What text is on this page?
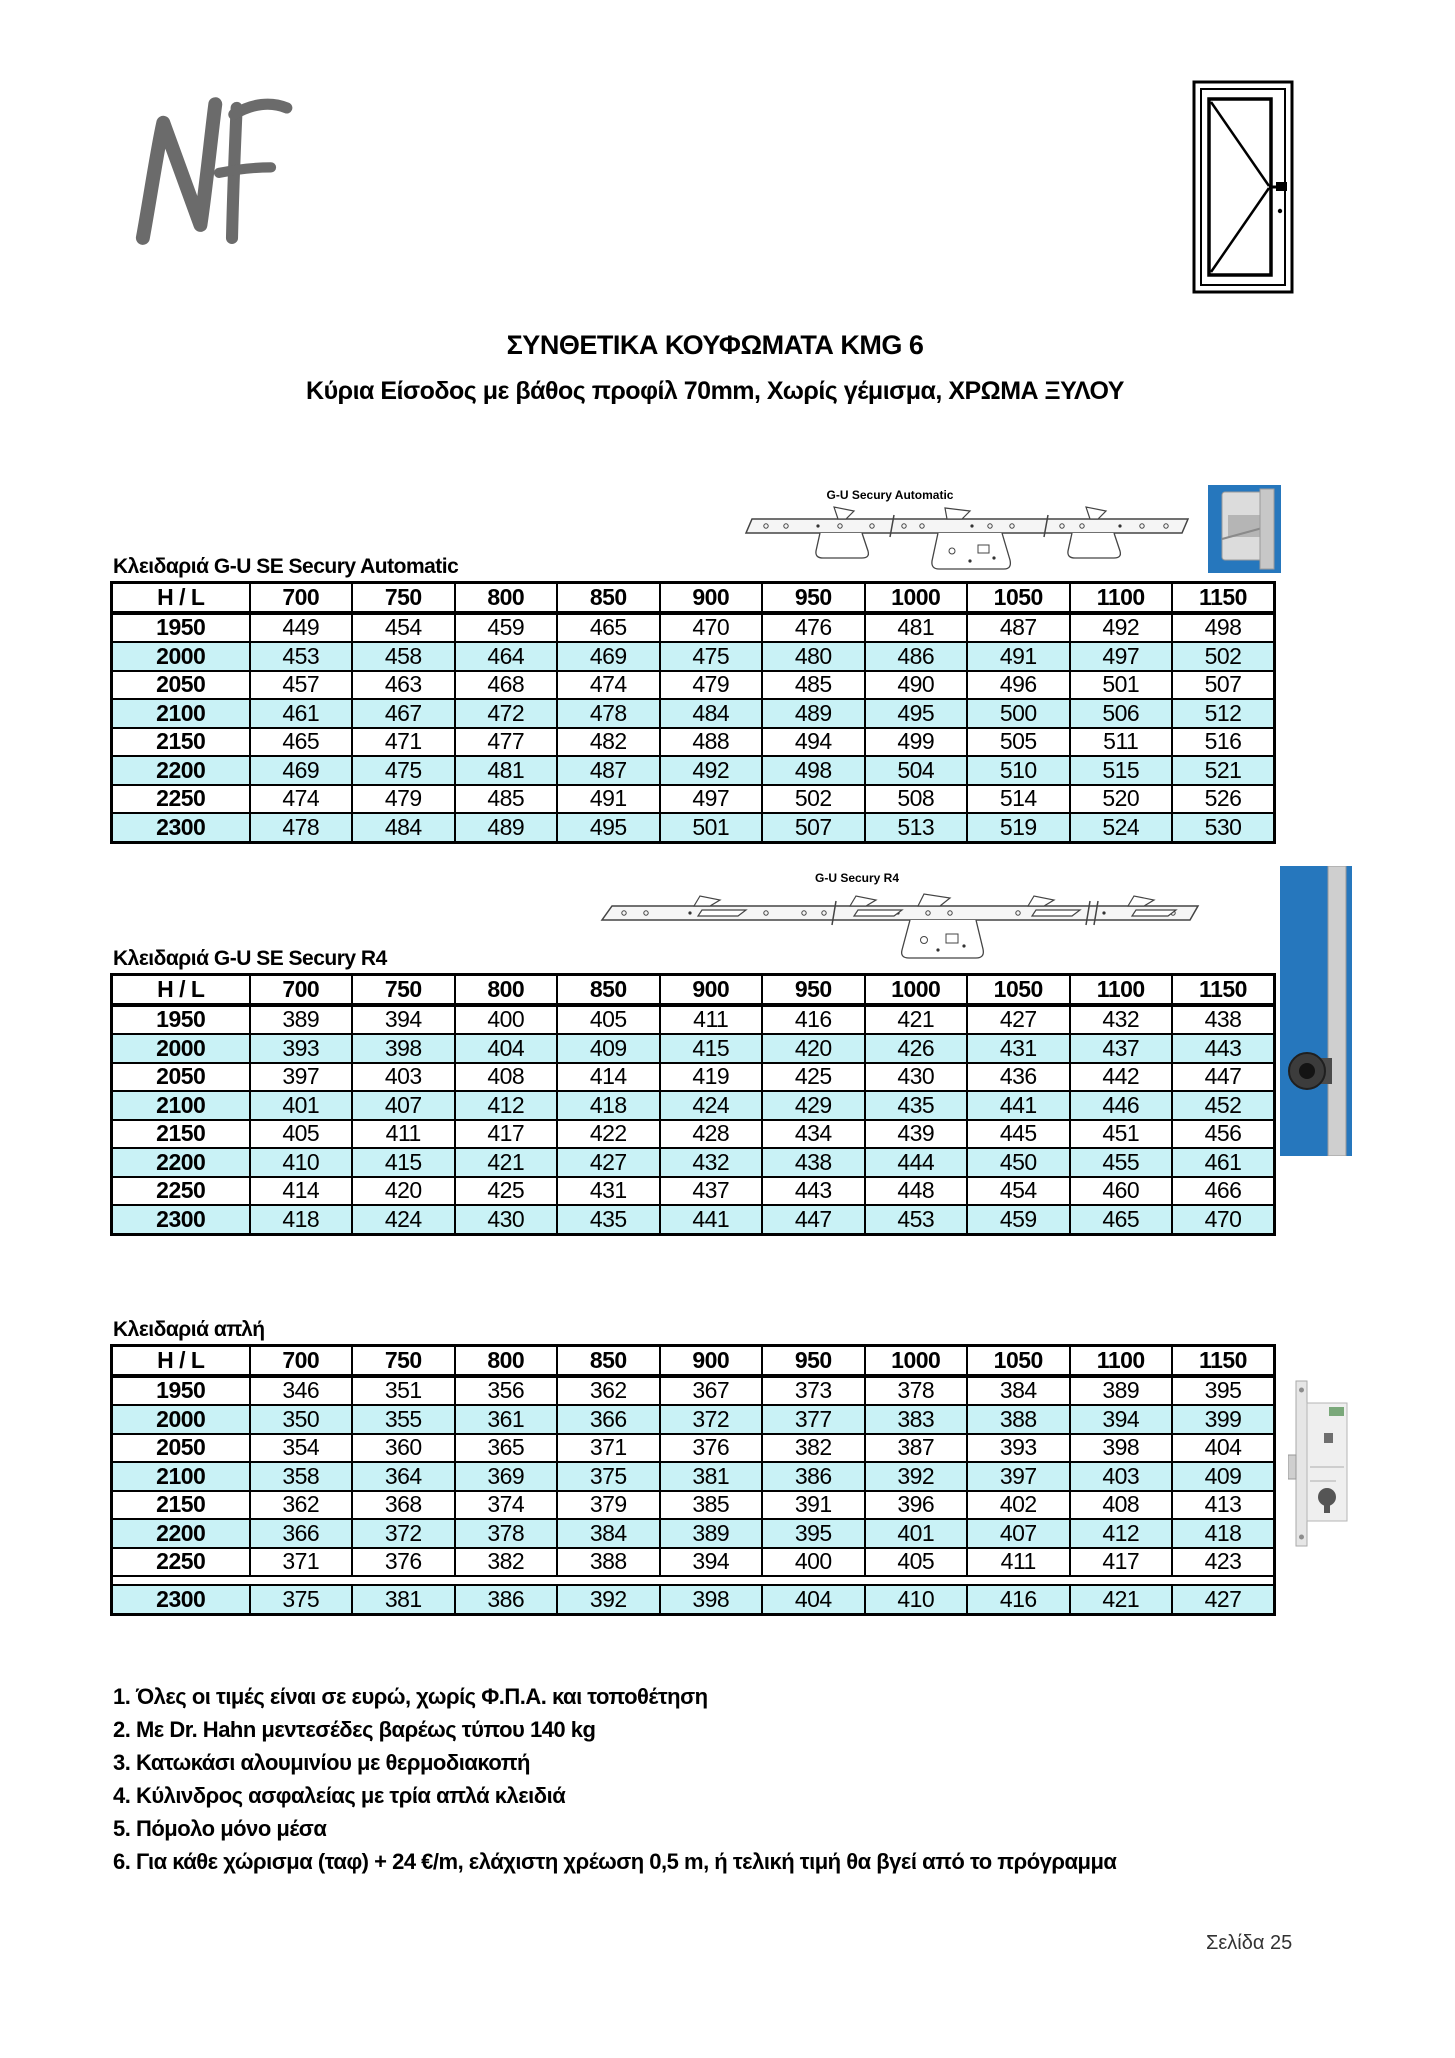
ΣΥΝΘΕΤΙΚΑ ΚΟΥΦΩΜΑΤΑ KMG 6
Κύρια Είσοδος με βάθος προφίλ 70mm, Χωρίς γέμισμα, ΧΡΩΜΑ ΞΥΛΟΥ
G-U Secury Automatic
Κλειδαριά G-U SE Secury Automatic
H / L	700	750	800	850	900	950	1000	1050	1100	1150
1950	449	454	459	465	470	476	481	487	492	498
2000	453	458	464	469	475	480	486	491	497	502
2050	457	463	468	474	479	485	490	496	501	507
2100	461	467	472	478	484	489	495	500	506	512
2150	465	471	477	482	488	494	499	505	511	516
2200	469	475	481	487	492	498	504	510	515	521
2250	474	479	485	491	497	502	508	514	520	526
2300	478	484	489	495	501	507	513	519	524	530
G-U Secury R4
Κλειδαριά G-U SE Secury R4
H / L	700	750	800	850	900	950	1000	1050	1100	1150
1950	389	394	400	405	411	416	421	427	432	438
2000	393	398	404	409	415	420	426	431	437	443
2050	397	403	408	414	419	425	430	436	442	447
2100	401	407	412	418	424	429	435	441	446	452
2150	405	411	417	422	428	434	439	445	451	456
2200	410	415	421	427	432	438	444	450	455	461
2250	414	420	425	431	437	443	448	454	460	466
2300	418	424	430	435	441	447	453	459	465	470
Κλειδαριά απλή
H / L	700	750	800	850	900	950	1000	1050	1100	1150
1950	346	351	356	362	367	373	378	384	389	395
2000	350	355	361	366	372	377	383	388	394	399
2050	354	360	365	371	376	382	387	393	398	404
2100	358	364	369	375	381	386	392	397	403	409
2150	362	368	374	379	385	391	396	402	408	413
2200	366	372	378	384	389	395	401	407	412	418
2250	371	376	382	388	394	400	405	411	417	423

2300	375	381	386	392	398	404	410	416	421	427
1. Όλες οι τιμές είναι σε ευρώ, χωρίς Φ.Π.Α. και τοποθέτηση
2. Με Dr. Hahn μεντεσέδες βαρέως τύπου 140 kg
3. Κατωκάσι αλουμινίου με θερμοδιακοπή
4. Κύλινδρος ασφαλείας με τρία απλά κλειδιά
5. Πόμολο μόνο μέσα
6. Για κάθε χώρισμα (ταφ) + 24 €/m, ελάχιστη χρέωση 0,5 m, ή τελική τιμή θα βγεί από το πρόγραμμα
Σελίδα 25
